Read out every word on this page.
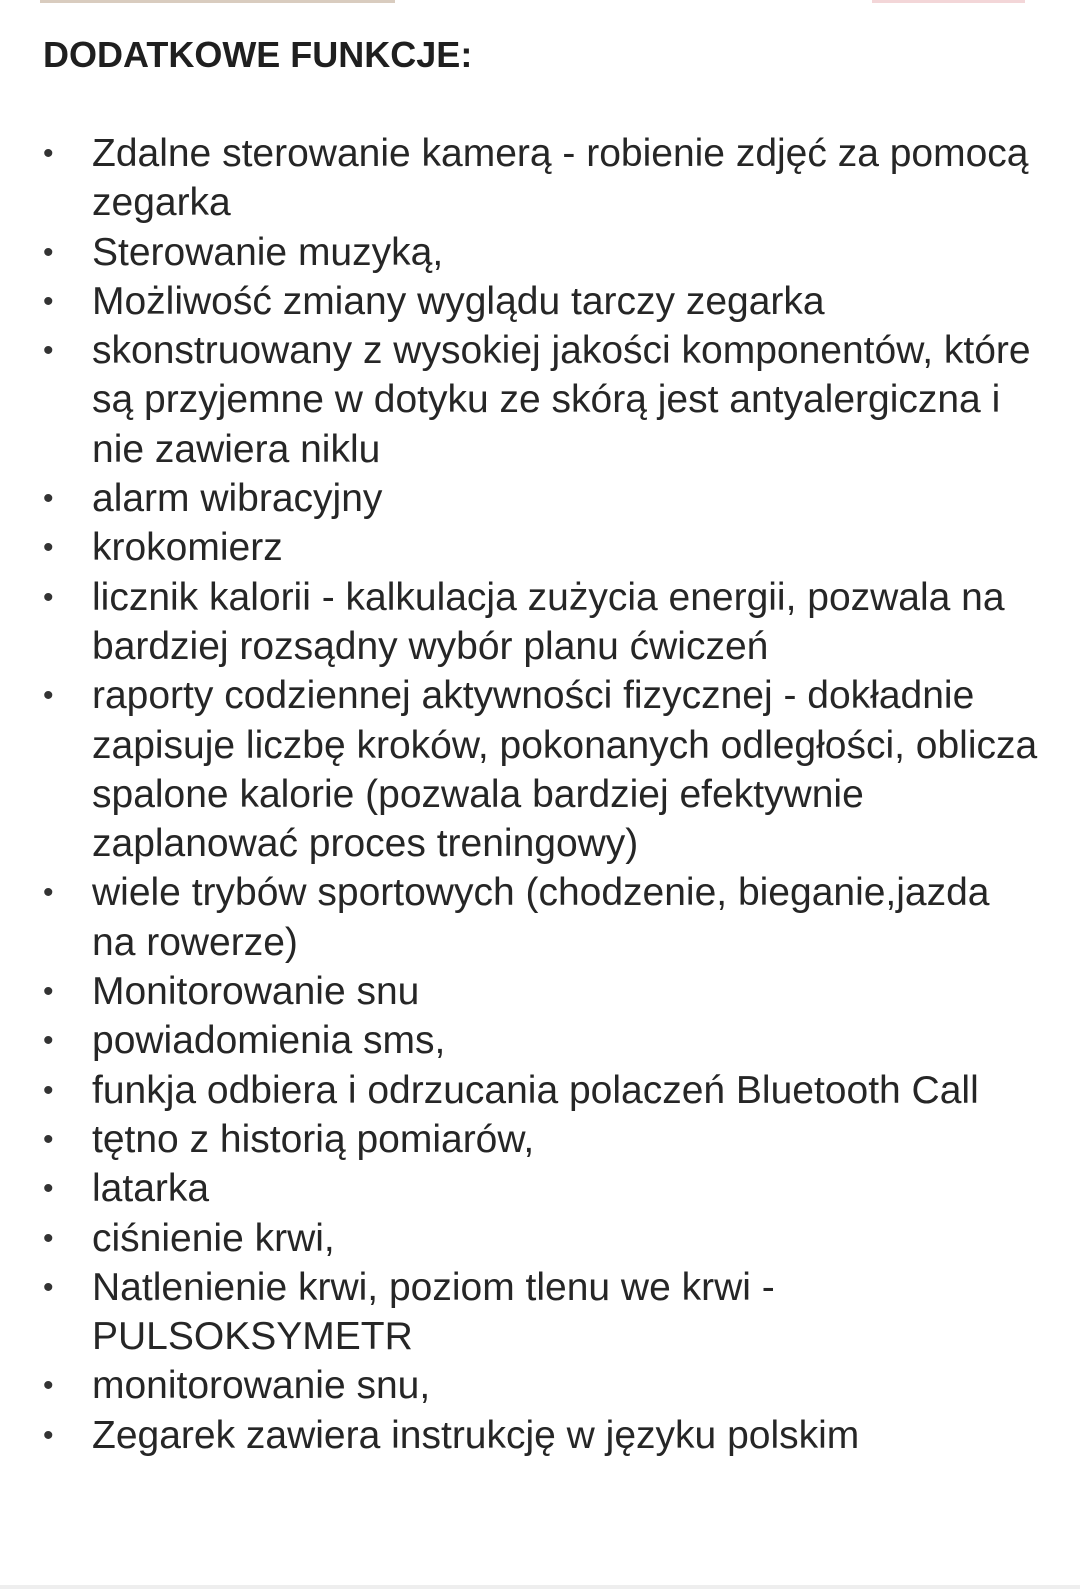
DODATKOWE FUNKCJE:
• Zdalne sterowanie kamerą - robienie zdjęć za pomocą zegarka
• Sterowanie muzyką,
• Możliwość zmiany wyglądu tarczy zegarka
• skonstruowany z wysokiej jakości komponentów, które są przyjemne w dotyku ze skórą jest antyalergiczna i nie zawiera niklu
• alarm wibracyjny
• krokomierz
• licznik kalorii - kalkulacja zużycia energii, pozwala na bardziej rozsądny wybór planu ćwiczeń
• raporty codziennej aktywności fizycznej - dokładnie zapisuje liczbę kroków, pokonanych odległości, oblicza spalone kalorie (pozwala bardziej efektywnie zaplanować proces treningowy)
• wiele trybów sportowych (chodzenie, bieganie,jazda na rowerze)
• Monitorowanie snu
• powiadomienia sms,
• funkja odbiera i odrzucania polaczeń Bluetooth Call
• tętno z historią pomiarów,
• latarka
• ciśnienie krwi,
• Natlenienie krwi, poziom tlenu we krwi - PULSOKSYMETR
• monitorowanie snu,
• Zegarek zawiera instrukcję w języku polskim
